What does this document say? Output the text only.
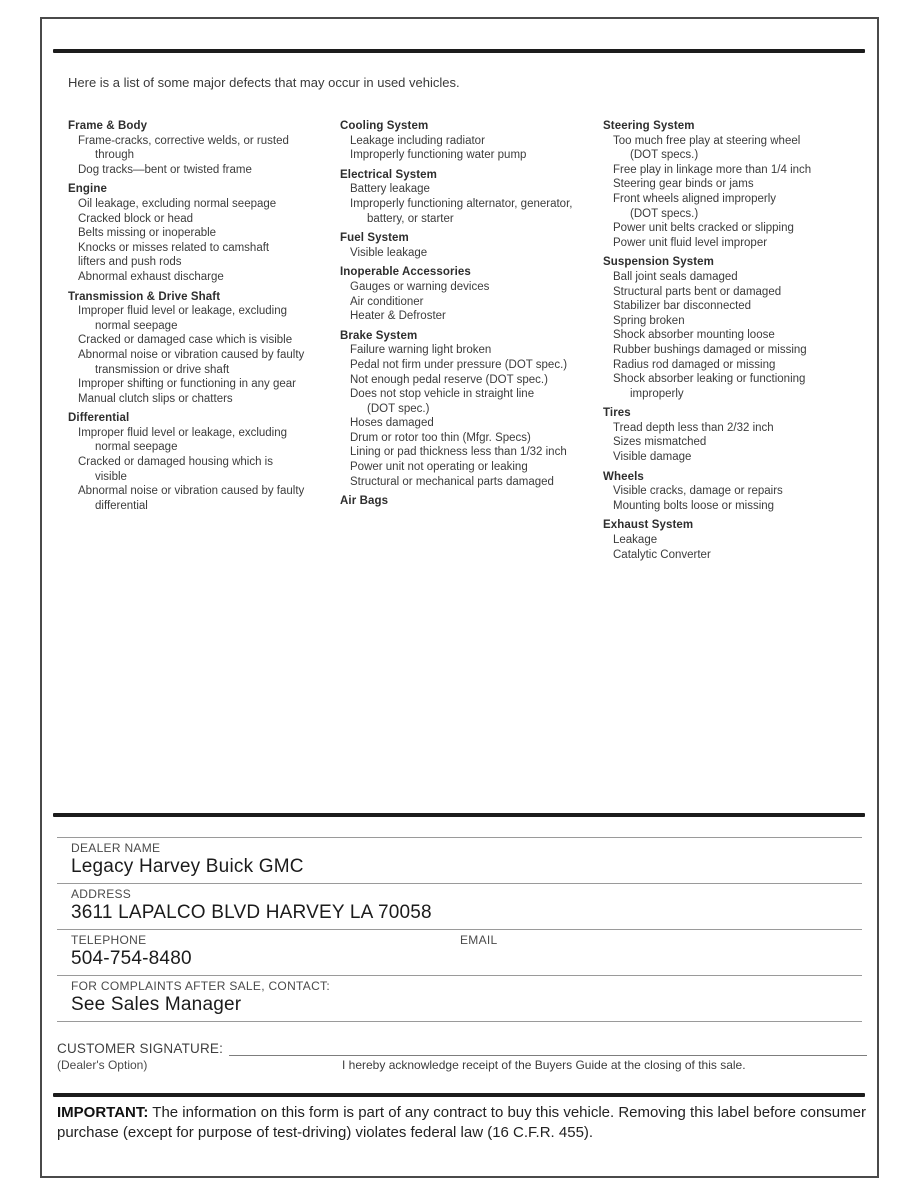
Here is a list of some major defects that may occur in used vehicles.

Frame & Body
Frame-cracks, corrective welds, or rusted
through
Dog tracks—bent or twisted frame
Engine
Oil leakage, excluding normal seepage
Cracked block or head
Belts missing or inoperable
Knocks or misses related to camshaft
lifters and push rods
Abnormal exhaust discharge
Transmission & Drive Shaft
Improper fluid level or leakage, excluding
normal seepage
Cracked or damaged case which is visible
Abnormal noise or vibration caused by faulty
transmission or drive shaft
Improper shifting or functioning in any gear
Manual clutch slips or chatters
Differential
Improper fluid level or leakage, excluding
normal seepage
Cracked or damaged housing which is
visible
Abnormal noise or vibration caused by faulty
differential
Cooling System
Leakage including radiator
Improperly functioning water pump
Electrical System
Battery leakage
Improperly functioning alternator, generator,
battery, or starter
Fuel System
Visible leakage
Inoperable Accessories
Gauges or warning devices
Air conditioner
Heater & Defroster
Brake System
Failure warning light broken
Pedal not firm under pressure (DOT spec.)
Not enough pedal reserve (DOT spec.)
Does not stop vehicle in straight line
(DOT spec.)
Hoses damaged
Drum or rotor too thin (Mfgr. Specs)
Lining or pad thickness less than 1/32 inch
Power unit not operating or leaking
Structural or mechanical parts damaged
Air Bags
Steering System
Too much free play at steering wheel
(DOT specs.)
Free play in linkage more than 1/4 inch
Steering gear binds or jams
Front wheels aligned improperly
(DOT specs.)
Power unit belts cracked or slipping
Power unit fluid level improper
Suspension System
Ball joint seals damaged
Structural parts bent or damaged
Stabilizer bar disconnected
Spring broken
Shock absorber mounting loose
Rubber bushings damaged or missing
Radius rod damaged or missing
Shock absorber leaking or functioning
improperly
Tires
Tread depth less than 2/32 inch
Sizes mismatched
Visible damage
Wheels
Visible cracks, damage or repairs
Mounting bolts loose or missing
Exhaust System
Leakage
Catalytic Converter
DEALER NAME
Legacy Harvey Buick GMC
ADDRESS
3611 LAPALCO BLVD HARVEY LA 70058
TELEPHONE	EMAIL
504-754-8480
FOR COMPLAINTS AFTER SALE, CONTACT:
See Sales Manager
CUSTOMER SIGNATURE:
(Dealer's Option)	I hereby acknowledge receipt of the Buyers Guide at the closing of this sale.

IMPORTANT: The information on this form is part of any contract to buy this vehicle. Removing this label before consumer purchase (except for purpose of test-driving) violates federal law (16 C.F.R. 455).
